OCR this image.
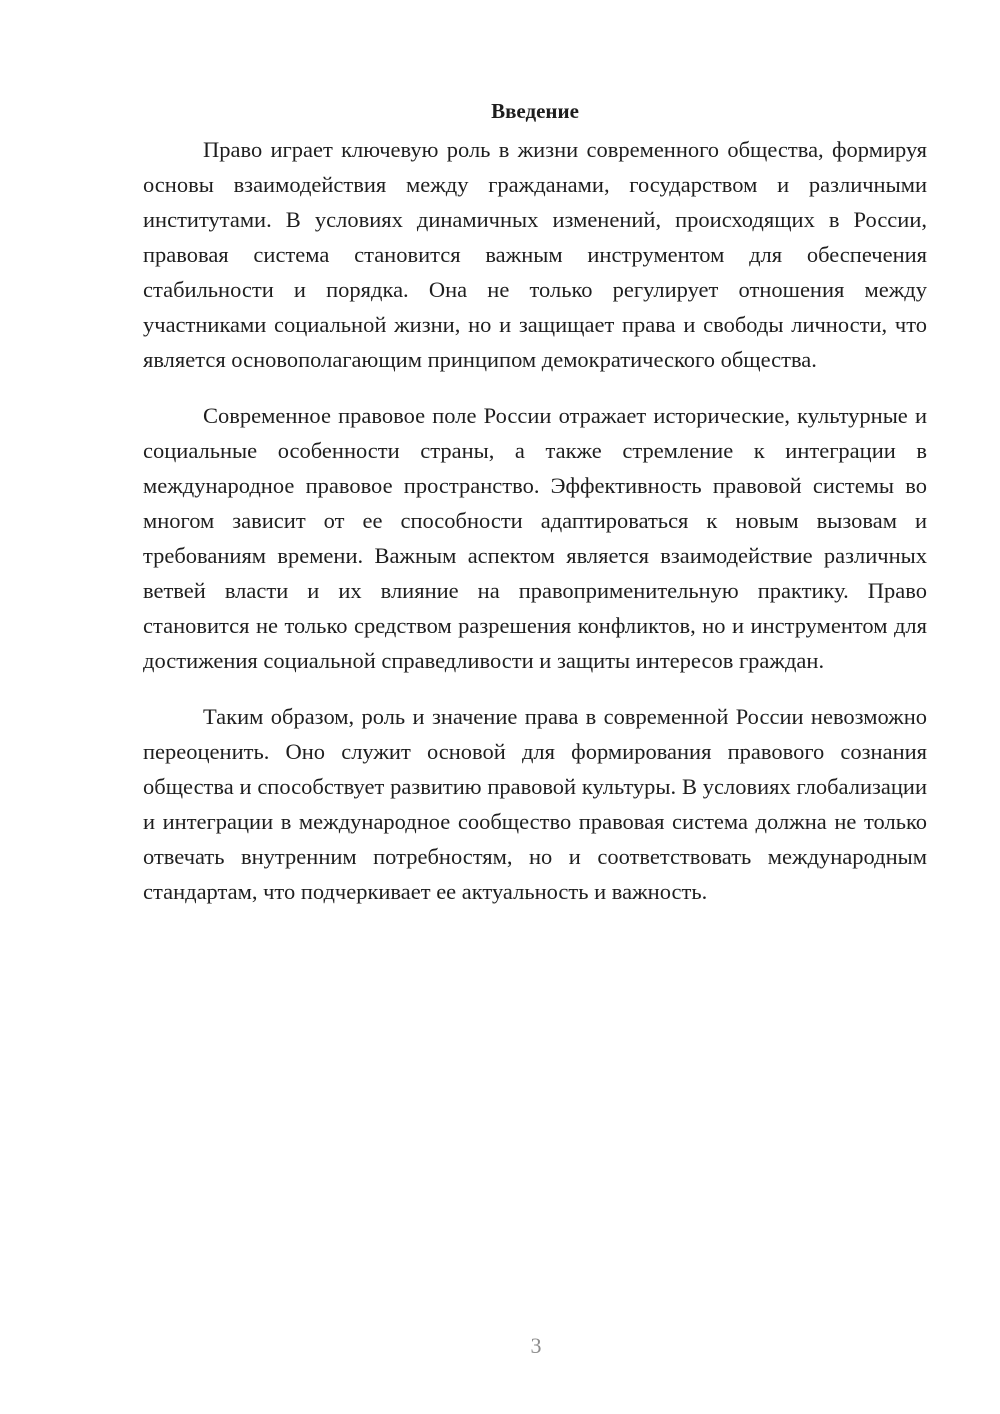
Введение

Право играет ключевую роль в жизни современного общества, формируя основы взаимодействия между гражданами, государством и различными институтами. В условиях динамичных изменений, происходящих в России, правовая система становится важным инструментом для обеспечения стабильности и порядка. Она не только регулирует отношения между участниками социальной жизни, но и защищает права и свободы личности, что является основополагающим принципом демократического общества.

Современное правовое поле России отражает исторические, культурные и социальные особенности страны, а также стремление к интеграции в международное правовое пространство. Эффективность правовой системы во многом зависит от ее способности адаптироваться к новым вызовам и требованиям времени. Важным аспектом является взаимодействие различных ветвей власти и их влияние на правоприменительную практику. Право становится не только средством разрешения конфликтов, но и инструментом для достижения социальной справедливости и защиты интересов граждан.

Таким образом, роль и значение права в современной России невозможно переоценить. Оно служит основой для формирования правового сознания общества и способствует развитию правовой культуры. В условиях глобализации и интеграции в международное сообщество правовая система должна не только отвечать внутренним потребностям, но и соответствовать международным стандартам, что подчеркивает ее актуальность и важность.

3
